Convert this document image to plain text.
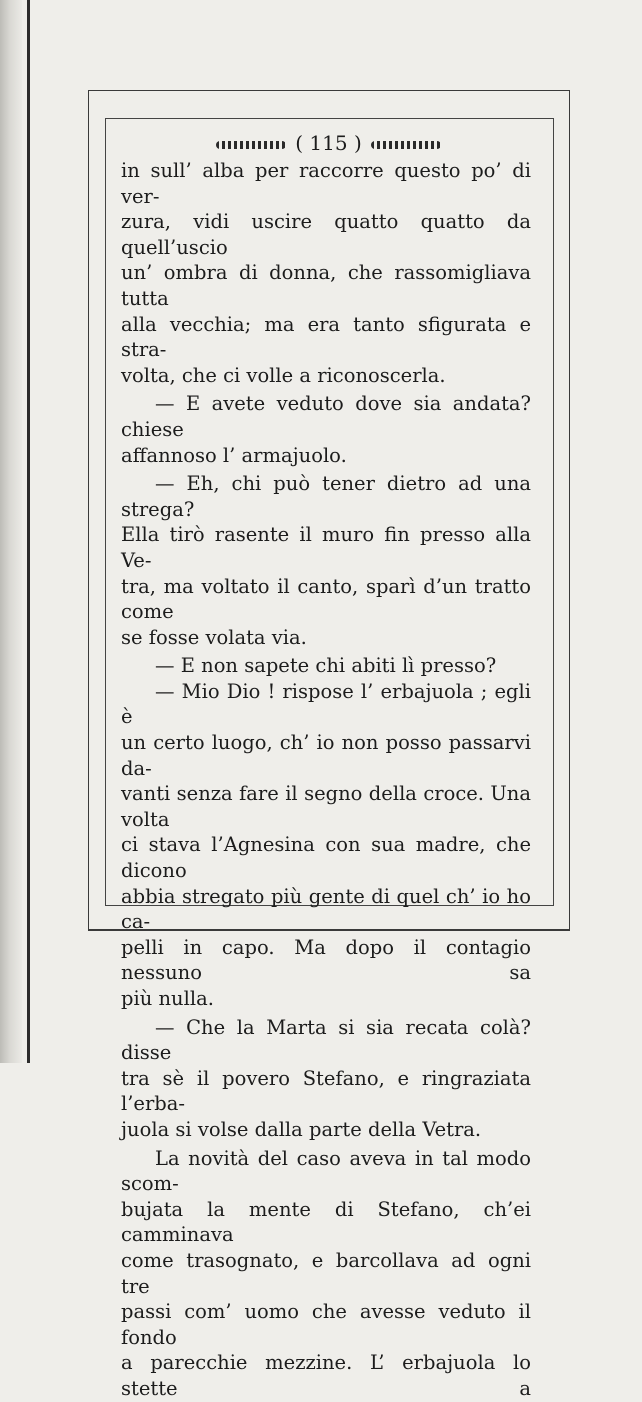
( 115 )

in sull’ alba per raccorre questo po’ di ver-

zura, vidi uscire quatto quatto da quell’uscio

un’ ombra di donna, che rassomigliava tutta

alla vecchia; ma era tanto sfigurata e stra-

volta, che ci volle a riconoscerla.

— E avete veduto dove sia andata? chiese

affannoso l’ armajuolo.

— Eh, chi può tener dietro ad una strega?

Ella tirò rasente il muro fin presso alla Ve-

tra, ma voltato il canto, sparì d’un tratto come

se fosse volata via.

— E non sapete chi abiti lì presso?

— Mio Dio ! rispose l’ erbajuola ; egli è

un certo luogo, ch’ io non posso passarvi da-

vanti senza fare il segno della croce. Una volta

ci stava l’Agnesina con sua madre, che dicono

abbia stregato più gente di quel ch’ io ho ca-

pelli in capo. Ma dopo il contagio nessuno sa

più nulla.

— Che la Marta si sia recata colà? disse

tra sè il povero Stefano, e ringraziata l’erba-

juola si volse dalla parte della Vetra.

La novità del caso aveva in tal modo scom-

bujata la mente di Stefano, ch’ei camminava

come trasognato, e barcollava ad ogni tre

passi com’ uomo che avesse veduto il fondo

a parecchie mezzine. L’ erbajuola lo stette a
